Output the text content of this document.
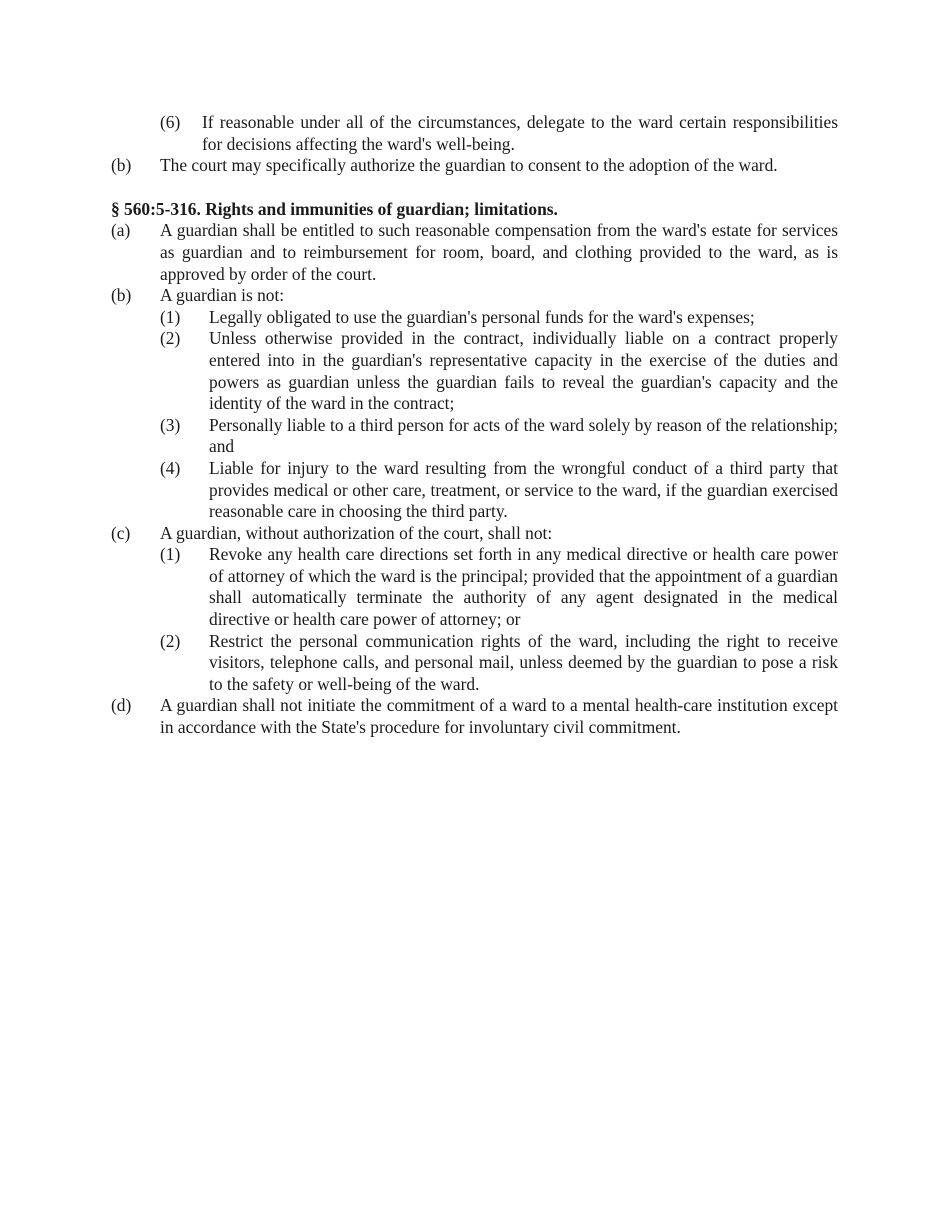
(6)	If reasonable under all of the circumstances, delegate to the ward certain responsibilities for decisions affecting the ward's well-being.
(b)	The court may specifically authorize the guardian to consent to the adoption of the ward.
§ 560:5-316. Rights and immunities of guardian; limitations.
(a)	A guardian shall be entitled to such reasonable compensation from the ward's estate for services as guardian and to reimbursement for room, board, and clothing provided to the ward, as is approved by order of the court.
(b)	A guardian is not:
(1)	Legally obligated to use the guardian's personal funds for the ward's expenses;
(2)	Unless otherwise provided in the contract, individually liable on a contract properly entered into in the guardian's representative capacity in the exercise of the duties and powers as guardian unless the guardian fails to reveal the guardian's capacity and the identity of the ward in the contract;
(3)	Personally liable to a third person for acts of the ward solely by reason of the relationship; and
(4)	Liable for injury to the ward resulting from the wrongful conduct of a third party that provides medical or other care, treatment, or service to the ward, if the guardian exercised reasonable care in choosing the third party.
(c)	A guardian, without authorization of the court, shall not:
(1)	Revoke any health care directions set forth in any medical directive or health care power of attorney of which the ward is the principal; provided that the appointment of a guardian shall automatically terminate the authority of any agent designated in the medical directive or health care power of attorney; or
(2)	Restrict the personal communication rights of the ward, including the right to receive visitors, telephone calls, and personal mail, unless deemed by the guardian to pose a risk to the safety or well-being of the ward.
(d)	A guardian shall not initiate the commitment of a ward to a mental health-care institution except in accordance with the State's procedure for involuntary civil commitment.
